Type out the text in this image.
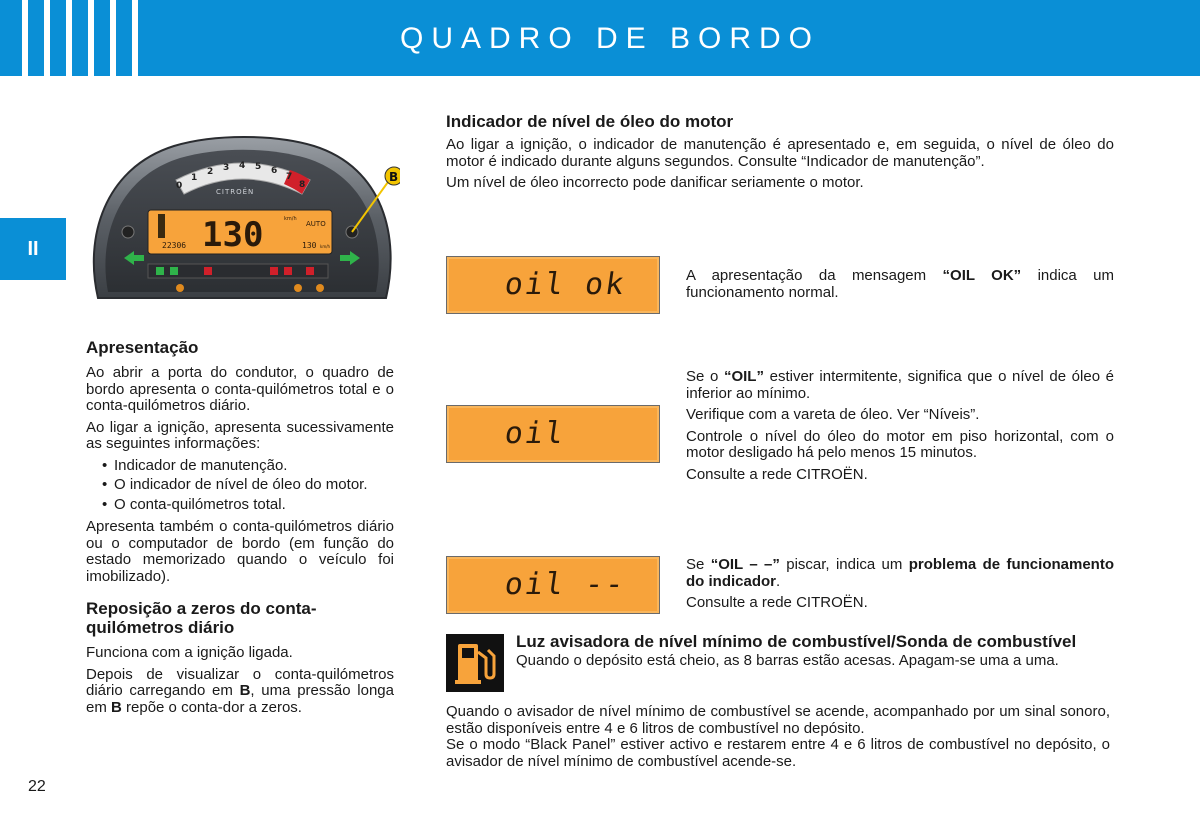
QUADRO DE BORDO
II
0
1
2 3 4 5 6
7
8
CITROËN
130	km/h
AUTO
22306	130 km/h
B

Apresentação

Ao abrir a porta do condutor, o quadro de bordo apresenta o conta-quilómetros total e o conta-quilómetros diário.

Ao ligar a ignição, apresenta sucessivamente as seguintes informações:

• Indicador de manutenção.
• O indicador de nível de óleo do motor.
• O conta-quilómetros total.

Apresenta também o conta-quilómetros diário ou o computador de bordo (em função do estado memorizado quando o veículo foi imobilizado).

Reposição a zeros do conta-quilómetros diário

Funciona com a ignição ligada.

Depois de visualizar o conta-quilómetros diário carregando em B, uma pressão longa em B repõe o conta-dor a zeros.

22

Indicador de nível de óleo do motor

Ao ligar a ignição, o indicador de manutenção é apresentado e, em seguida, o nível de óleo do motor é indicado durante alguns segundos. Consulte “Indicador de manutenção”.

Um nível de óleo incorrecto pode danificar seriamente o motor.

oil ok	A apresentação da mensagem “OIL OK” indica um funcionamento normal.

oil

Se o “OIL” estiver intermitente, significa que o nível de óleo é inferior ao mínimo.

Verifique com a vareta de óleo. Ver “Níveis”.

Controle o nível do óleo do motor em piso horizontal, com o motor desligado há pelo menos 15 minutos.

Consulte a rede CITROËN.

oil --

Se “OIL – –” piscar, indica um problema de funcionamento do indicador.

Consulte a rede CITROËN.

Luz avisadora de nível mínimo de combustível/Sonda de combustível

Quando o depósito está cheio, as 8 barras estão acesas. Apagam-se uma a uma.

Quando o avisador de nível mínimo de combustível se acende, acompanhado por um sinal sonoro, estão disponíveis entre 4 e 6 litros de combustível no depósito.

Se o modo “Black Panel” estiver activo e restarem entre 4 e 6 litros de combustível no depósito, o avisador de nível mínimo de combustível acende-se.
